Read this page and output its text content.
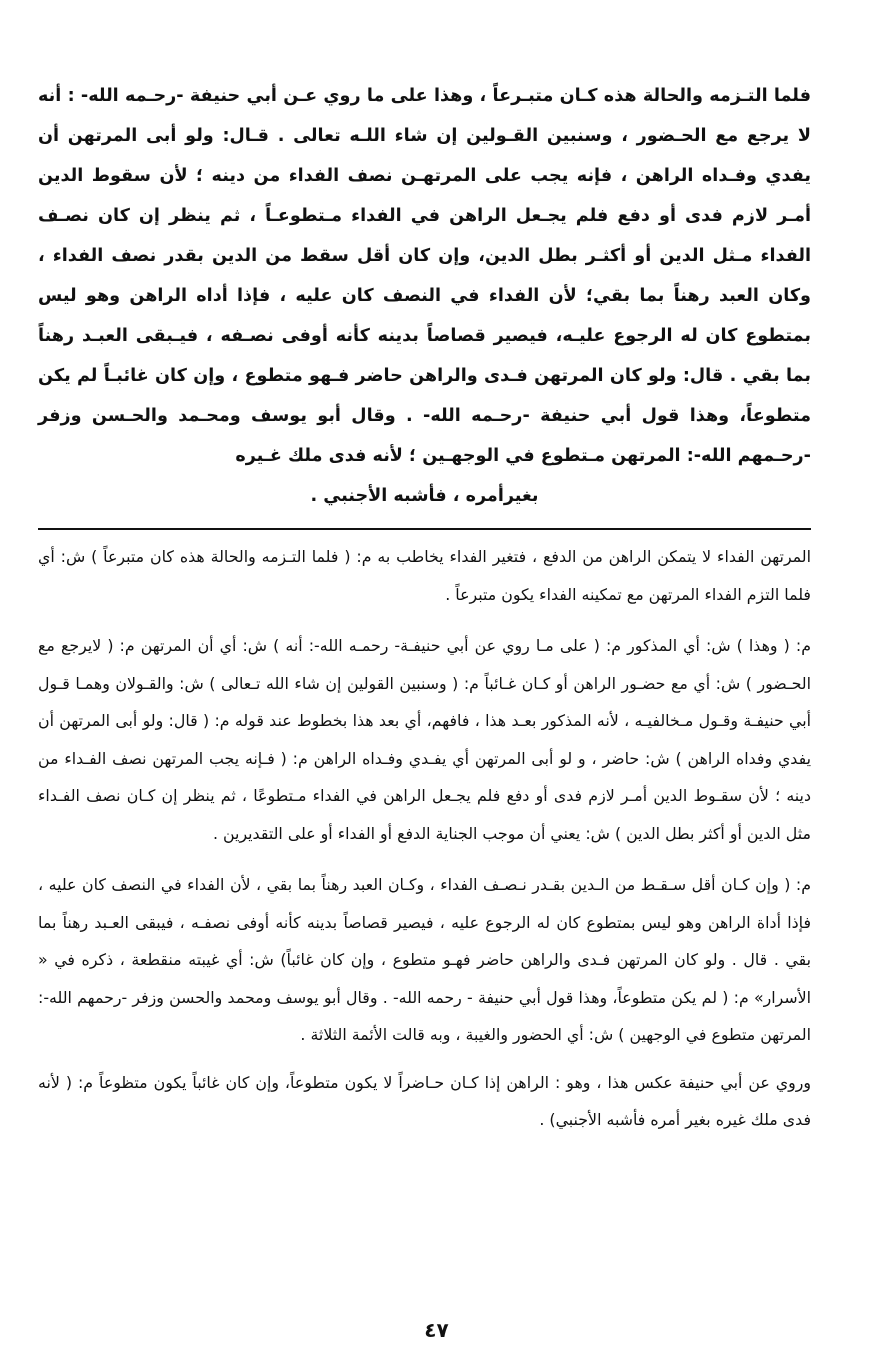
فلما التـزمه والحالة هذه كـان متبـرعاً ، وهذا على ما روي عـن أبي حنيفة -رحـمه الله- : أنه لا يرجع مع الحـضور ، وسنبين القـولين إن شاء اللـه تعالى . قـال: ولو أبى المرتهن أن يفدي وفـداه الراهن ، فإنه يجب على المرتهـن نصف الفداء من دينه ؛ لأن سقوط الدين أمـر لازم فدى أو دفع فلم يجـعل الراهن في الفداء مـتطوعـاً ، ثم ينظر إن كان نصـف الفداء مـثل الدين أو أكثـر بطل الدين، وإن كان أقل سقط من الدين بقدر نصف الفداء ، وكان العبد رهناً بما بقي؛ لأن الفداء في النصف كان عليه ، فإذا أداه الراهن وهو ليس بمتطوع كان له الرجوع عليـه، فيصير قصاصاً بدينه كأنه أوفى نصـفه ، فيـبقى العبـد رهناً بما بقي . قال: ولو كان المرتهن فـدى والراهن حاضر فـهو متطوع ، وإن كان غائبـاً لم يكن متطوعاً، وهذا قول أبي حنيفة -رحـمه الله- . وقال أبو يوسف ومحـمد والحـسن وزفر -رحـمهم الله-: المرتهن مـتطوع في الوجهـين ؛ لأنه فدى ملك غـيره

بغيرأمره ، فأشبه الأجنبي .

المرتهن الفداء لا يتمكن الراهن من الدفع ، فتغير الفداء يخاطب به م: ( فلما التـزمه والحالة هذه كان متبرعاً ) ش: أي فلما التزم الفداء المرتهن مع تمكينه الفداء يكون متبرعاً .

م: ( وهذا ) ش: أي المذكور م: ( على مـا روي عن أبي حنيفـة- رحمـه الله-: أنه ) ش: أي أن المرتهن م: ( لايرجع مع الحـضور ) ش: أي مع حضـور الراهن أو كـان غـائباً م: ( وسنبين القولين إن شاء الله تـعالى ) ش: والقـولان وهمـا قـول أبي حنيفـة وقـول مـخالفيـه ، لأنه المذكور بعـد هذا ، فافهم، أي بعد هذا بخطوط عند قوله م: ( قال: ولو أبى المرتهن أن يفدي وفداه الراهن ) ش: حاضر ، و لو أبى المرتهن أي يفـدي وفـداه الراهن م: ( فـإنه يجب المرتهن نصف الفـداء من دينه ؛ لأن سقـوط الدين أمـر لازم فدى أو دفع فلم يجـعل الراهن في الفداء مـتطوعًا ، ثم ينظر إن كـان نصف الفـداء مثل الدين أو أكثر بطل الدين ) ش: يعني أن موجب الجناية الدفع أو الفداء أو على التقديرين .

م: ( وإن كـان أقل سـقـط من الـدين بقـدر نـصـف الفداء ، وكـان العبد رهناً بما بقي ، لأن الفداء في النصف كان عليه ، فإذا أداة الراهن وهو ليس بمتطوع كان له الرجوع عليه ، فيصير قصاصاً بدينه كأنه أوفى نصفـه ، فيبقى العـبد رهناً بما بقي . قال . ولو كان المرتهن فـدى والراهن حاضر فهـو متطوع ، وإن كان غائباً) ش: أي غيبته منقطعة ، ذكره في « الأسرار» م: ( لم يكن متطوعاً، وهذا قول أبي حنيفة - رحمه الله- . وقال أبو يوسف ومحمد والحسن وزفر -رحمهم الله-: المرتهن متطوع في الوجهين ) ش: أي الحضور والغيبة ، وبه قالت الأئمة الثلاثة .

وروي عن أبي حنيفة عكس هذا ، وهو : الراهن إذا كـان حـاضراً لا يكون متطوعاً، وإن كان غائباً يكون متظوعاً م: ( لأنه فدى ملك غيره بغير أمره فأشبه الأجنبي) .

٤٧
